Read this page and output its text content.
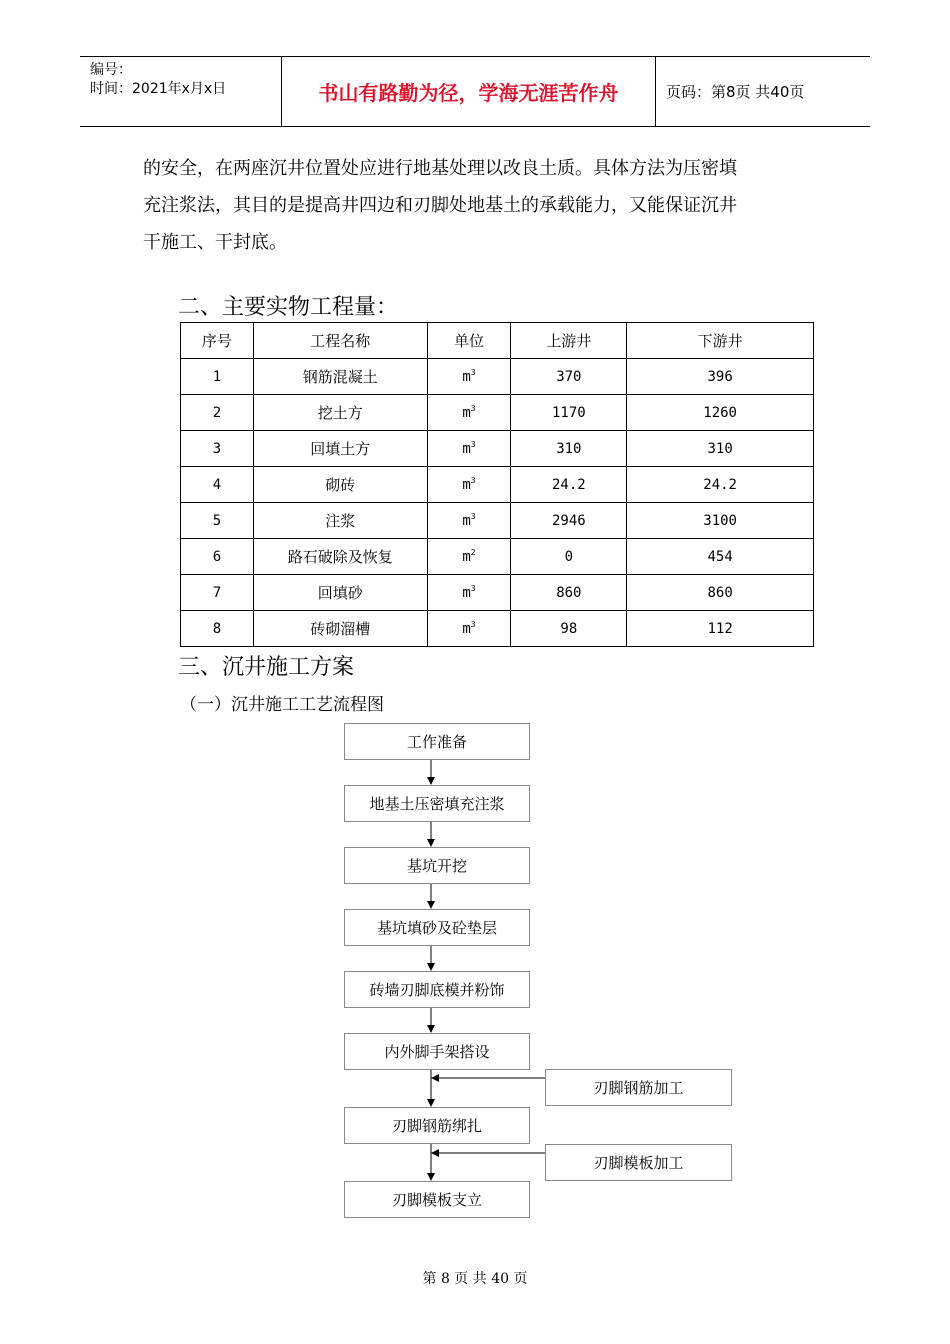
编号：
时间：2021年x月x日	书山有路勤为径，学海无涯苦作舟	页码：第8页 共40页
的安全，在两座沉井位置处应进行地基处理以改良土质。具体方法为压密填
充注浆法，其目的是提高井四边和刃脚处地基土的承载能力，又能保证沉井
干施工、干封底。
二、主要实物工程量：
序号	工程名称	单位	上游井	下游井
1	钢筋混凝土	$m^3$	370	396
2	挖土方	$m^3$	1170	1260
3	回填土方	$m^3$	310	310
4	砌砖	$m^3$	24.2	24.2
5	注浆	$m^3$	2946	3100
6	路石破除及恢复	$m^2$	0	454
7	回填砂	$m^3$	860	860
8	砖砌溜槽	$m^3$	98	112
三、沉井施工方案
（一）沉井施工工艺流程图
工作准备
地基土压密填充注浆
基坑开挖
基坑填砂及砼垫层
砖墙刃脚底模并粉饰
内外脚手架搭设
刃脚钢筋绑扎
刃脚模板支立
刃脚钢筋加工
刃脚模板加工
第 8 页 共 40 页
